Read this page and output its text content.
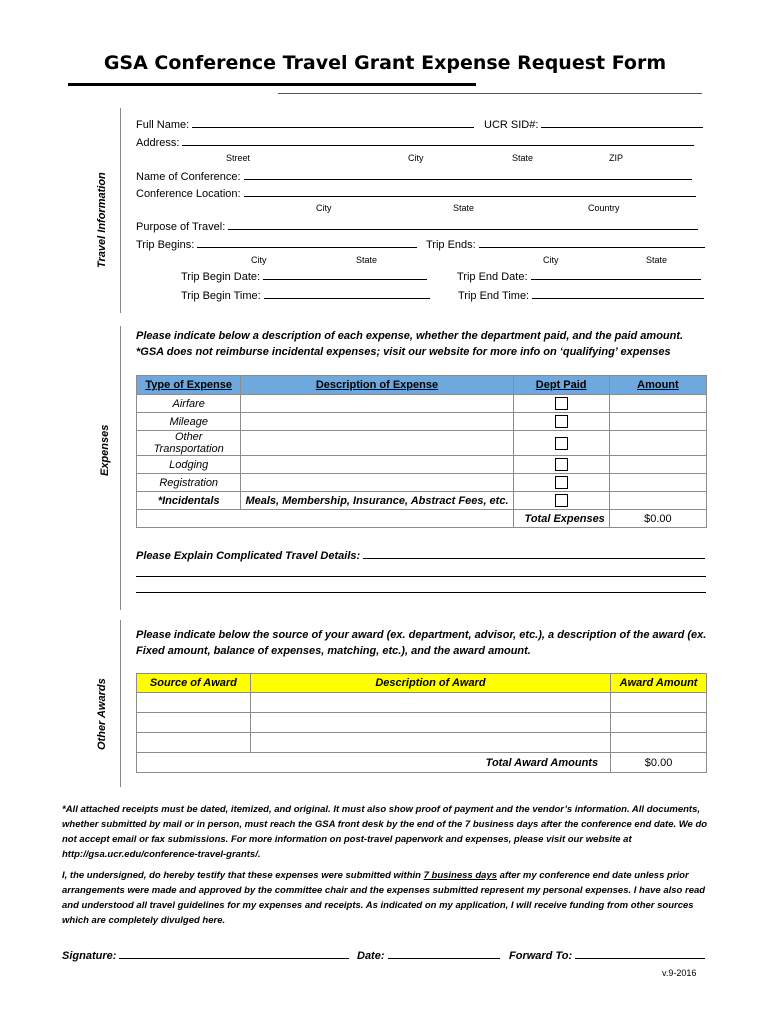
GSA Conference Travel Grant Expense Request Form
Travel Information
Full Name:	UCR SID#:
Address:
Street	City	State	ZIP
Name of Conference:
Conference Location:
City	State	Country
Purpose of Travel:
Trip Begins:	Trip Ends:
City	State	City	State
Trip Begin Date:	Trip End Date:
Trip Begin Time:	Trip End Time:
Expenses
Please indicate below a description of each expense, whether the department paid, and the paid amount.
*GSA does not reimburse incidental expenses; visit our website for more info on ‘qualifying’ expenses
Type of Expense	Description of Expense	Dept Paid	Amount
Airfare			
Mileage			
Other Transportation			
Lodging			
Registration			
*Incidentals	Meals, Membership, Insurance, Abstract Fees, etc.		
		Total Expenses	$0.00
Please Explain Complicated Travel Details:
Other Awards
Please indicate below the source of your award (ex. department, advisor, etc.), a description of the award (ex. Fixed amount, balance of expenses, matching, etc.), and the award amount.
Source of Award	Description of Award	Award Amount

Total Award Amounts		$0.00
*All attached receipts must be dated, itemized, and original. It must also show proof of payment and the vendor’s information. All documents, whether submitted by mail or in person, must reach the GSA front desk by the end of the 7 business days after the conference end date. We do not accept email or fax submissions. For more information on post-travel paperwork and expenses, please visit our website at http://gsa.ucr.edu/conference-travel-grants/.
I, the undersigned, do hereby testify that these expenses were submitted within 7 business days after my conference end date unless prior arrangements were made and approved by the committee chair and the expenses submitted represent my personal expenses. I have also read and understood all travel guidelines for my expenses and receipts. As indicated on my application, I will receive funding from other sources which are completely divulged here.
Signature:	Date:	Forward To:
v.9-2016
